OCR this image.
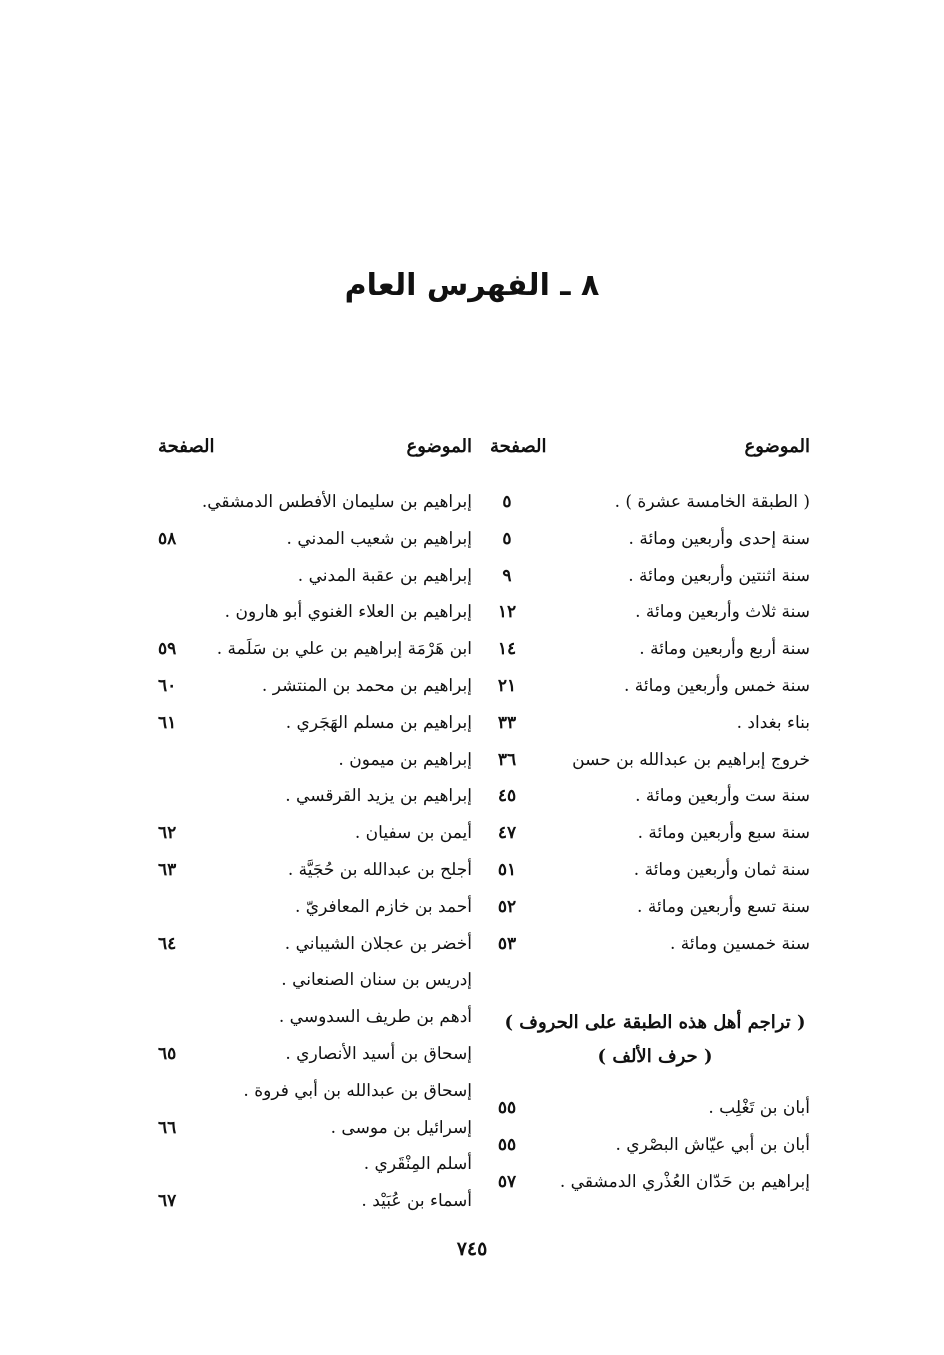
٨ ـ الفهرس العام
الموضوع
الصفحة
( الطبقة الخامسة عشرة ) .
٥
سنة إحدى وأربعين ومائة .
٥
سنة اثنتين وأربعين ومائة .
٩
سنة ثلاث وأربعين ومائة .
١٢
سنة أربع وأربعين ومائة .
١٤
سنة خمس وأربعين ومائة .
٢١
بناء بغداد .
٣٣
خروج إبراهيم بن عبدالله بن حسن
٣٦
سنة ست وأربعين ومائة .
٤٥
سنة سبع وأربعين ومائة .
٤٧
سنة ثمان وأربعين ومائة .
٥١
سنة تسع وأربعين ومائة .
٥٢
سنة خمسين ومائة .
٥٣
( تراجم أهل هذه الطبقة على الحروف )
( حرف الألف )
أبان بن تَغْلِب .
٥٥
أبان بن أبي عيّاش البصْري .
٥٥
إبراهيم بن حَدّان العُذْري الدمشقي .
٥٧
الموضوع
الصفحة
إبراهيم بن سليمان الأفطس الدمشقي.
إبراهيم بن شعيب المدني .
٥٨
إبراهيم بن عقبة المدني .
إبراهيم بن العلاء الغنوي أبو هارون .
ابن هَرْمَة إبراهيم بن علي بن سَلَمة .
٥٩
إبراهيم بن محمد بن المنتشر .
٦٠
إبراهيم بن مسلم الهَجَري .
٦١
إبراهيم بن ميمون .
إبراهيم بن يزيد القرقسي .
أيمن بن سفيان .
٦٢
أجلح بن عبدالله بن حُجَيَّة .
٦٣
أحمد بن خازم المعافريّ .
أخضر بن عجلان الشيباني .
٦٤
إدريس بن سنان الصنعاني .
أدهم بن طريف السدوسي .
إسحاق بن أسيد الأنصاري .
٦٥
إسحاق بن عبدالله بن أبي فروة .
إسرائيل بن موسى .
٦٦
أسلم المِنْقَري .
أسماء بن عُبَيْد .
٦٧
٧٤٥
